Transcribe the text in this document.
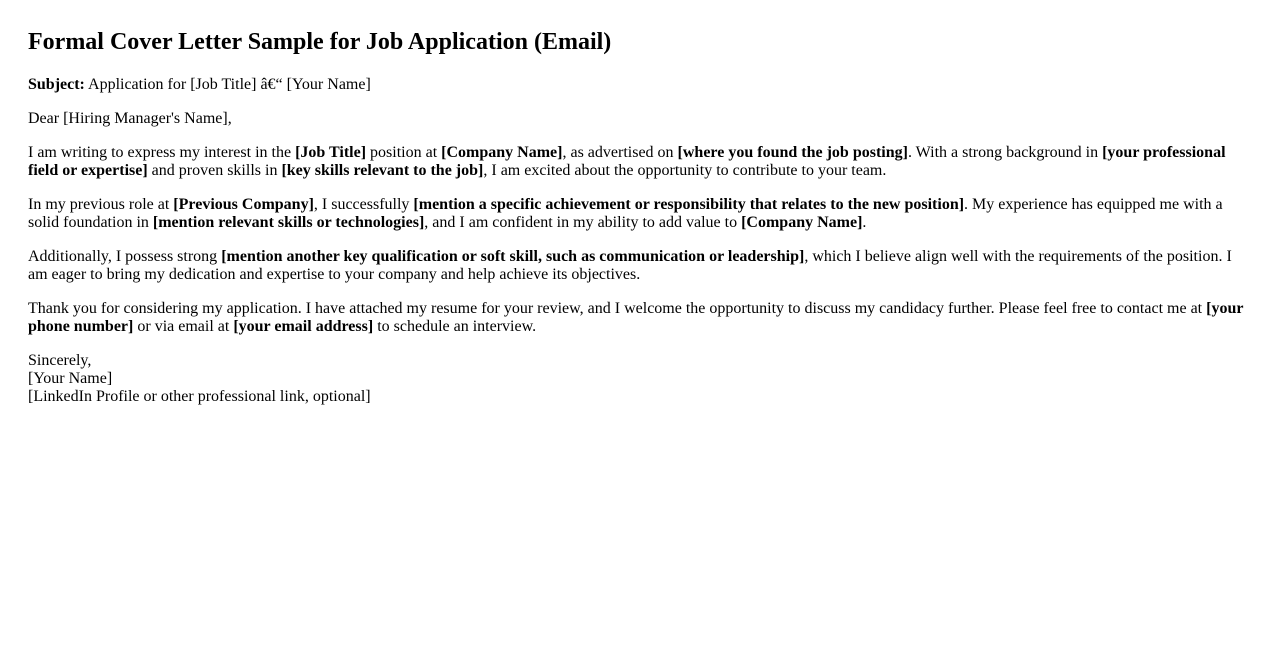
Formal Cover Letter Sample for Job Application (Email)

Subject: Application for [Job Title] â€“ [Your Name]

Dear [Hiring Manager's Name],

I am writing to express my interest in the [Job Title] position at [Company Name], as advertised on [where you found the job posting]. With a strong background in [your professional field or expertise] and proven skills in [key skills relevant to the job], I am excited about the opportunity to contribute to your team.

In my previous role at [Previous Company], I successfully [mention a specific achievement or responsibility that relates to the new position]. My experience has equipped me with a solid foundation in [mention relevant skills or technologies], and I am confident in my ability to add value to [Company Name].

Additionally, I possess strong [mention another key qualification or soft skill, such as communication or leadership], which I believe align well with the requirements of the position. I am eager to bring my dedication and expertise to your company and help achieve its objectives.

Thank you for considering my application. I have attached my resume for your review, and I welcome the opportunity to discuss my candidacy further. Please feel free to contact me at [your phone number] or via email at [your email address] to schedule an interview.

Sincerely,
[Your Name]
[LinkedIn Profile or other professional link, optional]
